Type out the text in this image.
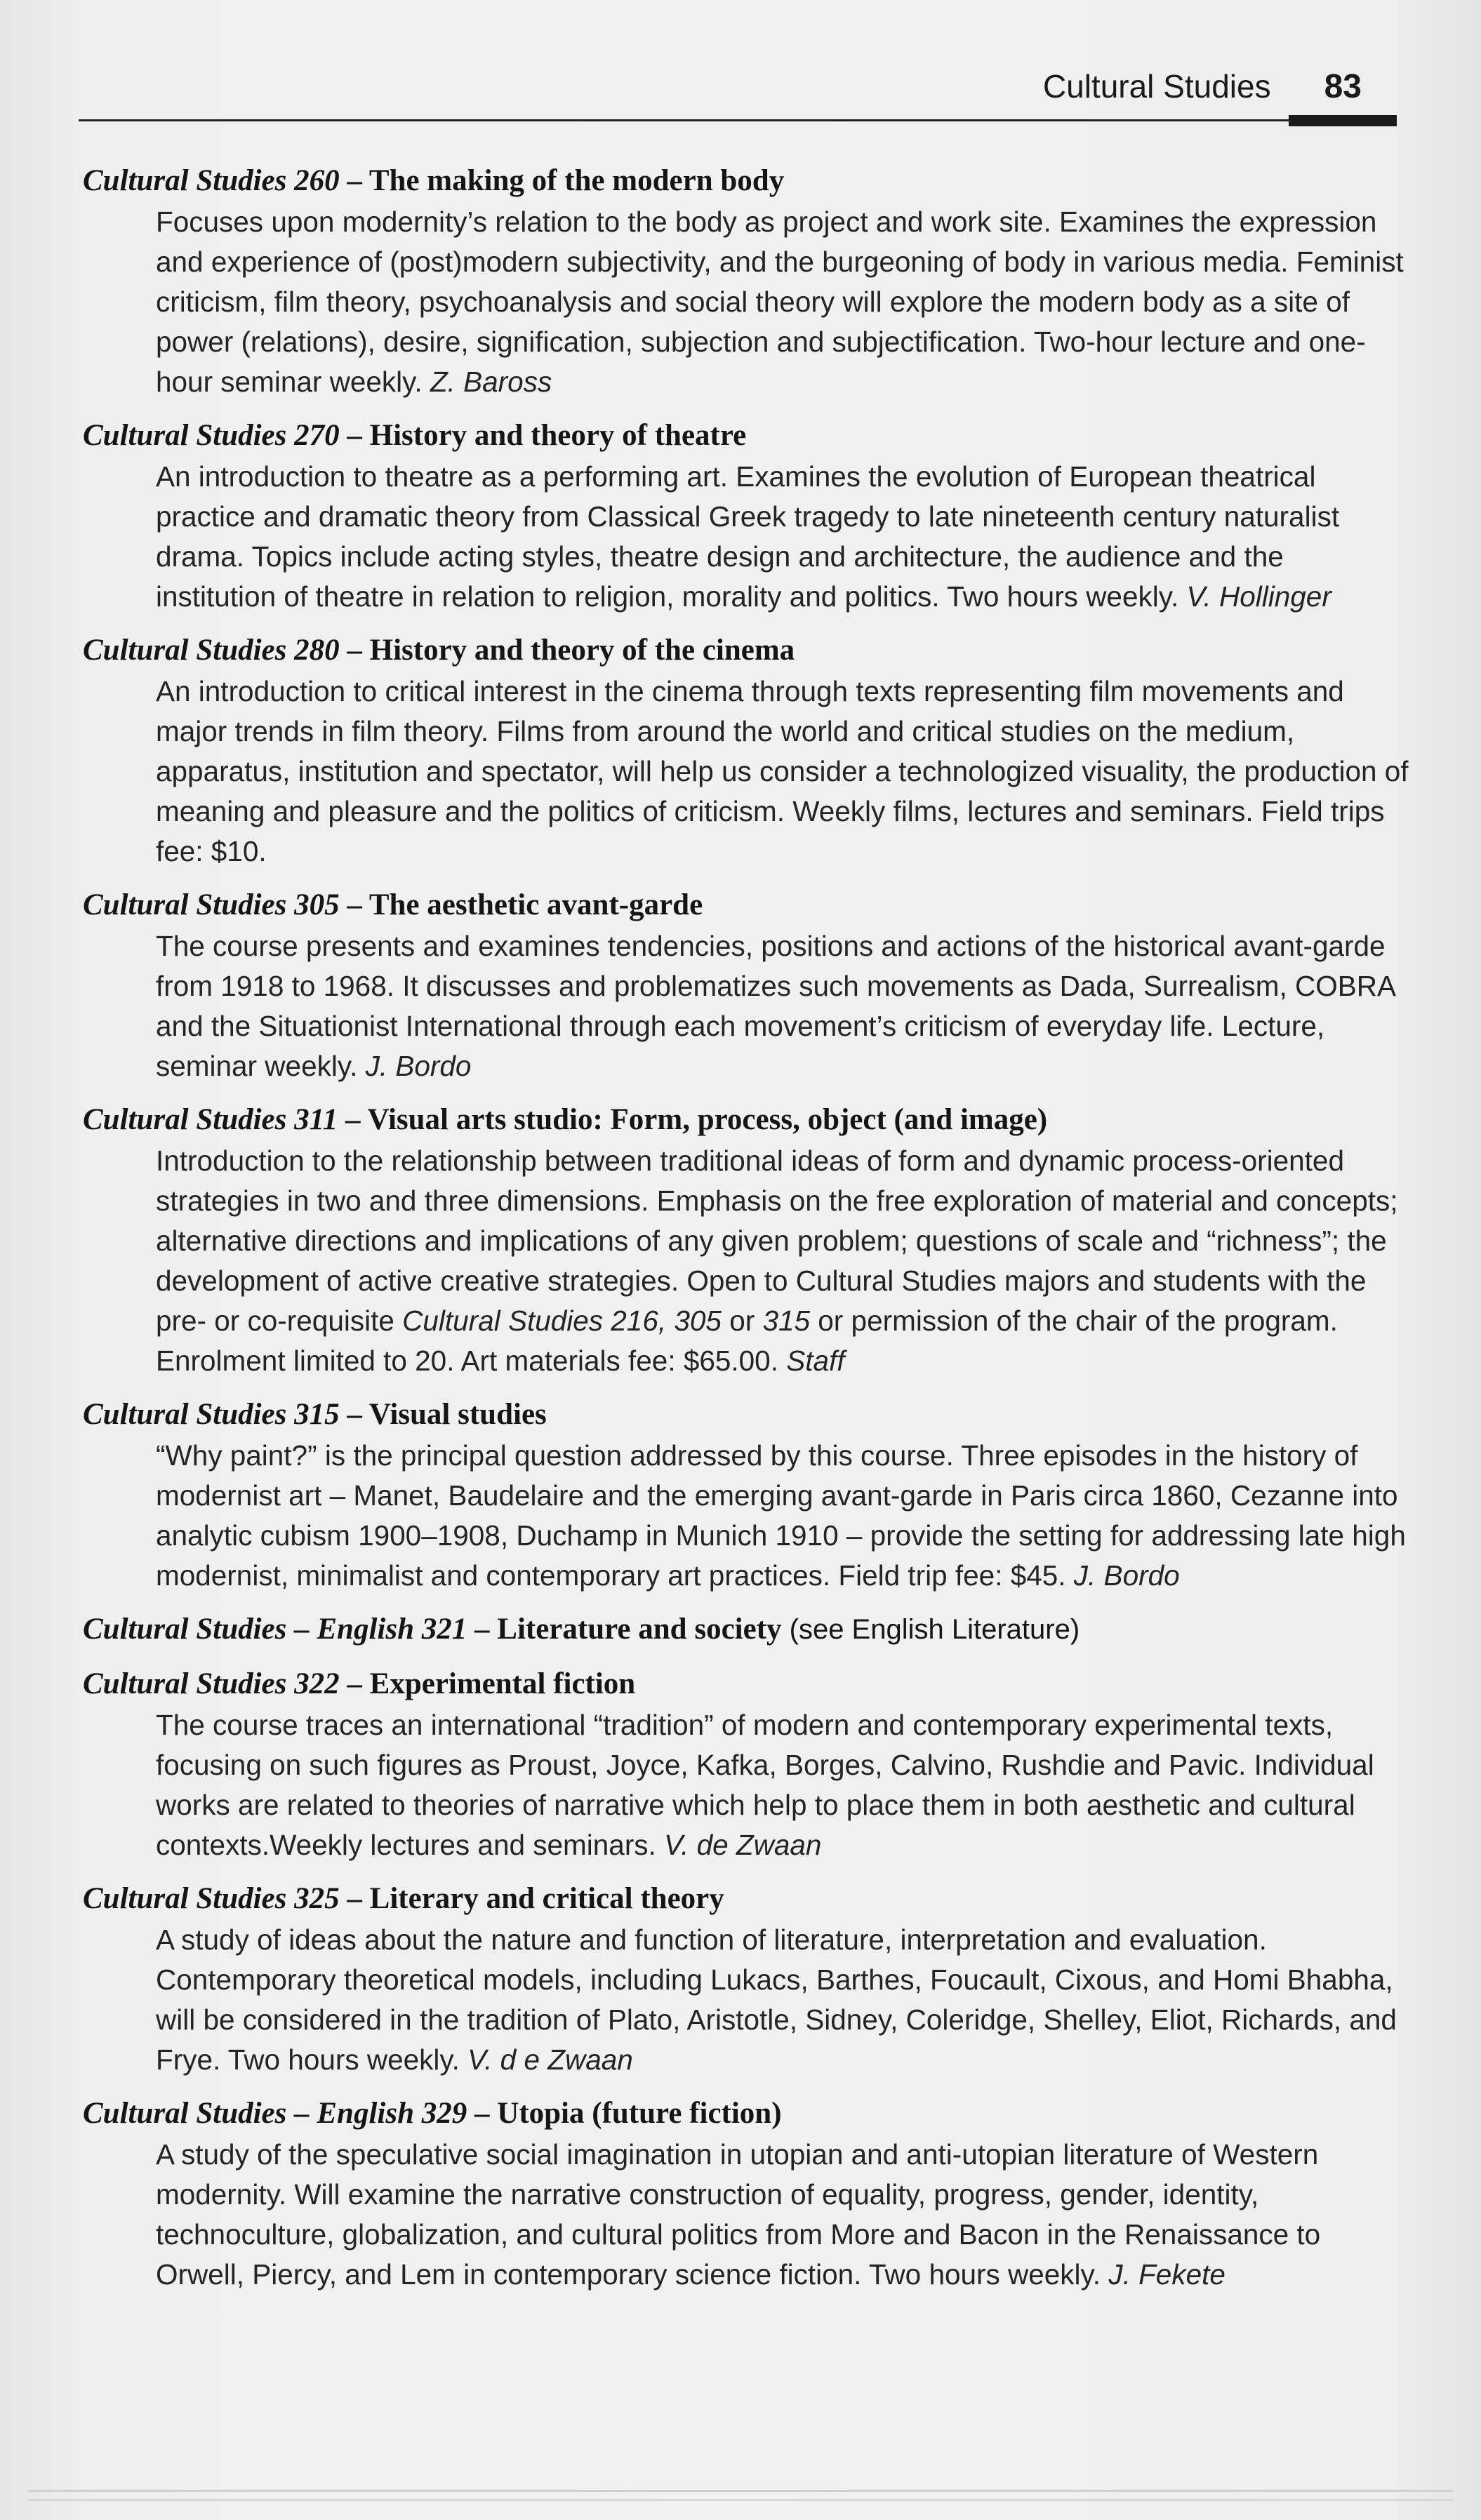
Cultural Studies 83
Cultural Studies 260 – The making of the modern body
Focuses upon modernity’s relation to the body as project and work site. Examines the expression and experience of (post)modern subjectivity, and the burgeoning of body in various media. Feminist criticism, film theory, psychoanalysis and social theory will explore the modern body as a site of power (relations), desire, signification, subjection and subjectification. Two-hour lecture and one-hour seminar weekly. Z. Baross
Cultural Studies 270 – History and theory of theatre
An introduction to theatre as a performing art. Examines the evolution of European theatrical practice and dramatic theory from Classical Greek tragedy to late nineteenth century naturalist drama. Topics include acting styles, theatre design and architecture, the audience and the institution of theatre in relation to religion, morality and politics. Two hours weekly. V. Hollinger
Cultural Studies 280 – History and theory of the cinema
An introduction to critical interest in the cinema through texts representing film movements and major trends in film theory. Films from around the world and critical studies on the medium, apparatus, institution and spectator, will help us consider a technologized visuality, the production of meaning and pleasure and the politics of criticism. Weekly films, lectures and seminars. Field trips fee: $10.
Cultural Studies 305 – The aesthetic avant-garde
The course presents and examines tendencies, positions and actions of the historical avant-garde from 1918 to 1968. It discusses and problematizes such movements as Dada, Surrealism, COBRA and the Situationist International through each movement’s criticism of everyday life. Lecture, seminar weekly. J. Bordo
Cultural Studies 311 – Visual arts studio: Form, process, object (and image)
Introduction to the relationship between traditional ideas of form and dynamic process-oriented strategies in two and three dimensions. Emphasis on the free exploration of material and concepts; alternative directions and implications of any given problem; questions of scale and “richness”; the development of active creative strategies. Open to Cultural Studies majors and students with the pre- or co-requisite Cultural Studies 216, 305 or 315 or permission of the chair of the program. Enrolment limited to 20. Art materials fee: $65.00. Staff
Cultural Studies 315 – Visual studies
“Why paint?” is the principal question addressed by this course. Three episodes in the history of modernist art – Manet, Baudelaire and the emerging avant-garde in Paris circa 1860, Cezanne into analytic cubism 1900–1908, Duchamp in Munich 1910 – provide the setting for addressing late high modernist, minimalist and contemporary art practices. Field trip fee: $45. J. Bordo
Cultural Studies – English 321 – Literature and society (see English Literature)
Cultural Studies 322 – Experimental fiction
The course traces an international “tradition” of modern and contemporary experimental texts, focusing on such figures as Proust, Joyce, Kafka, Borges, Calvino, Rushdie and Pavic. Individual works are related to theories of narrative which help to place them in both aesthetic and cultural contexts.Weekly lectures and seminars. V. de Zwaan
Cultural Studies 325 – Literary and critical theory
A study of ideas about the nature and function of literature, interpretation and evaluation. Contemporary theoretical models, including Lukacs, Barthes, Foucault, Cixous, and Homi Bhabha, will be considered in the tradition of Plato, Aristotle, Sidney, Coleridge, Shelley, Eliot, Richards, and Frye. Two hours weekly. V. d e Zwaan
Cultural Studies – English 329 – Utopia (future fiction)
A study of the speculative social imagination in utopian and anti-utopian literature of Western modernity. Will examine the narrative construction of equality, progress, gender, identity, technoculture, globalization, and cultural politics from More and Bacon in the Renaissance to Orwell, Piercy, and Lem in contemporary science fiction. Two hours weekly. J. Fekete
